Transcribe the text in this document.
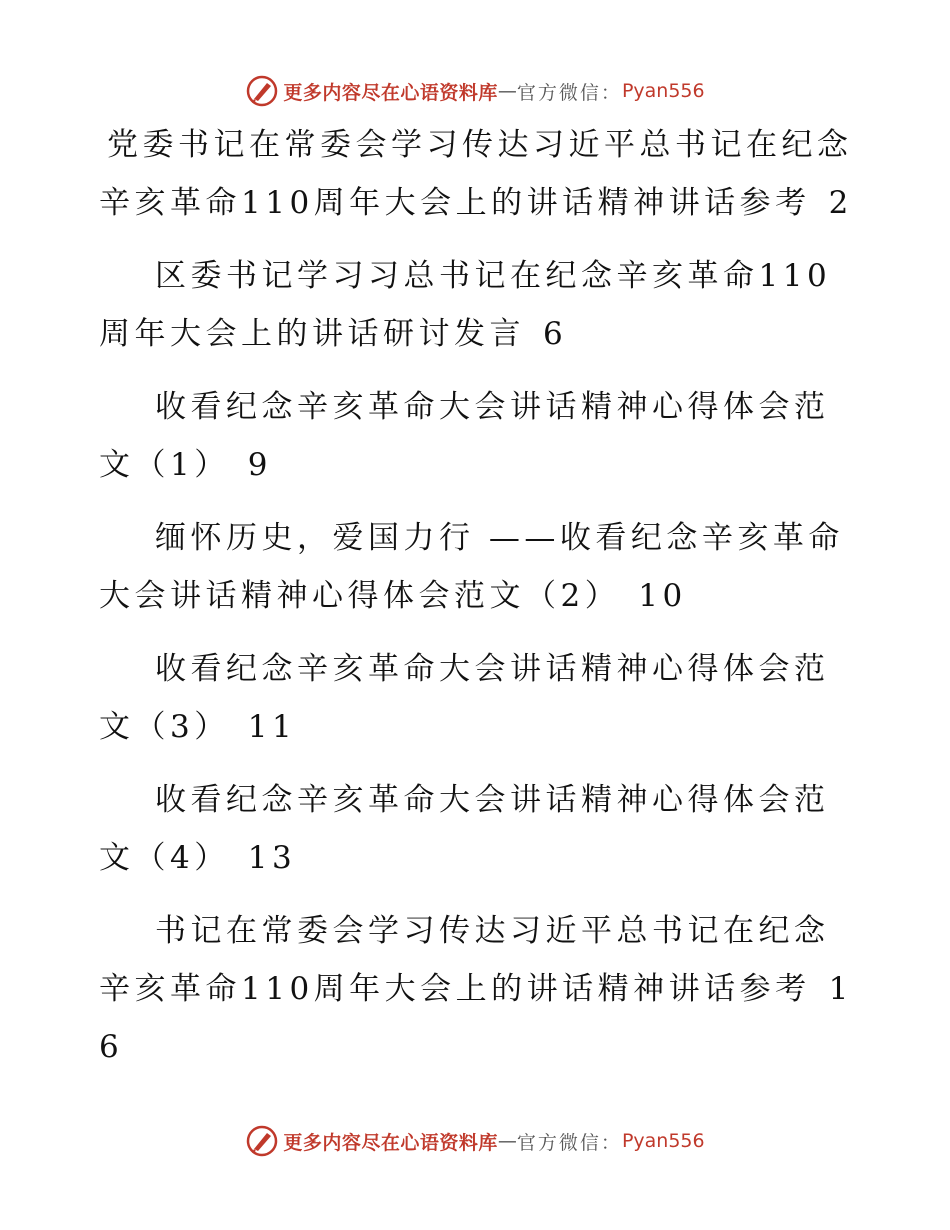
更多内容尽在心语资料库 — 官方微信： Pyan556

党委书记在常委会学习传达习近平总书记在纪念辛亥革命110周年大会上的讲话精神讲话参考 2

区委书记学习习总书记在纪念辛亥革命110周年大会上的讲话研讨发言 6

收看纪念辛亥革命大会讲话精神心得体会范文（1） 9

缅怀历史，爱国力行 ——收看纪念辛亥革命大会讲话精神心得体会范文（2） 10

收看纪念辛亥革命大会讲话精神心得体会范文（3） 11

收看纪念辛亥革命大会讲话精神心得体会范文（4） 13

书记在常委会学习传达习近平总书记在纪念辛亥革命110周年大会上的讲话精神讲话参考 16

更多内容尽在心语资料库 — 官方微信： Pyan556
